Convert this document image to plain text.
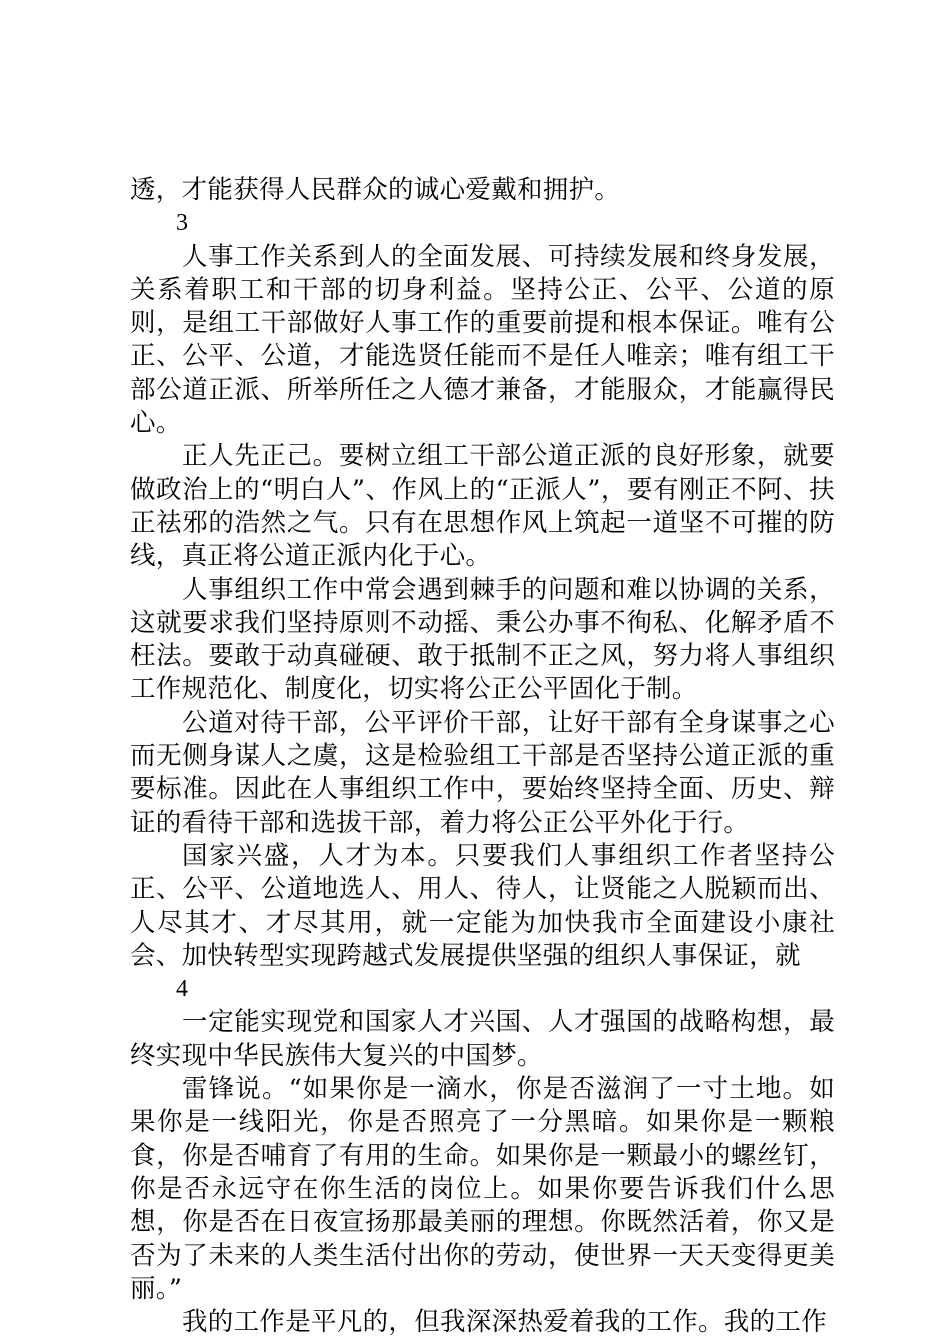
透，才能获得人民群众的诚心爱戴和拥护。

3

人事工作关系到人的全面发展、可持续发展和终身发展，关系着职工和干部的切身利益。坚持公正、公平、公道的原则，是组工干部做好人事工作的重要前提和根本保证。唯有公正、公平、公道，才能选贤任能而不是任人唯亲；唯有组工干部公道正派、所举所任之人德才兼备，才能服众，才能赢得民心。

正人先正己。要树立组工干部公道正派的良好形象，就要做政治上的“明白人”、作风上的“正派人”，要有刚正不阿、扶正祛邪的浩然之气。只有在思想作风上筑起一道坚不可摧的防线，真正将公道正派内化于心。

人事组织工作中常会遇到棘手的问题和难以协调的关系，这就要求我们坚持原则不动摇、秉公办事不徇私、化解矛盾不枉法。要敢于动真碰硬、敢于抵制不正之风，努力将人事组织工作规范化、制度化，切实将公正公平固化于制。

公道对待干部，公平评价干部，让好干部有全身谋事之心而无侧身谋人之虞，这是检验组工干部是否坚持公道正派的重要标准。因此在人事组织工作中，要始终坚持全面、历史、辩证的看待干部和选拔干部，着力将公正公平外化于行。

国家兴盛，人才为本。只要我们人事组织工作者坚持公正、公平、公道地选人、用人、待人，让贤能之人脱颖而出、人尽其才、才尽其用，就一定能为加快我市全面建设小康社会、加快转型实现跨越式发展提供坚强的组织人事保证，就

4

一定能实现党和国家人才兴国、人才强国的战略构想，最终实现中华民族伟大复兴的中国梦。

雷锋说。“如果你是一滴水，你是否滋润了一寸土地。如果你是一线阳光，你是否照亮了一分黑暗。如果你是一颗粮食，你是否哺育了有用的生命。如果你是一颗最小的螺丝钉，你是否永远守在你生活的岗位上。如果你要告诉我们什么思想，你是否在日夜宣扬那最美丽的理想。你既然活着，你又是否为了未来的人类生活付出你的劳动，使世界一天天变得更美丽。”

我的工作是平凡的，但我深深热爱着我的工作。我的工作
